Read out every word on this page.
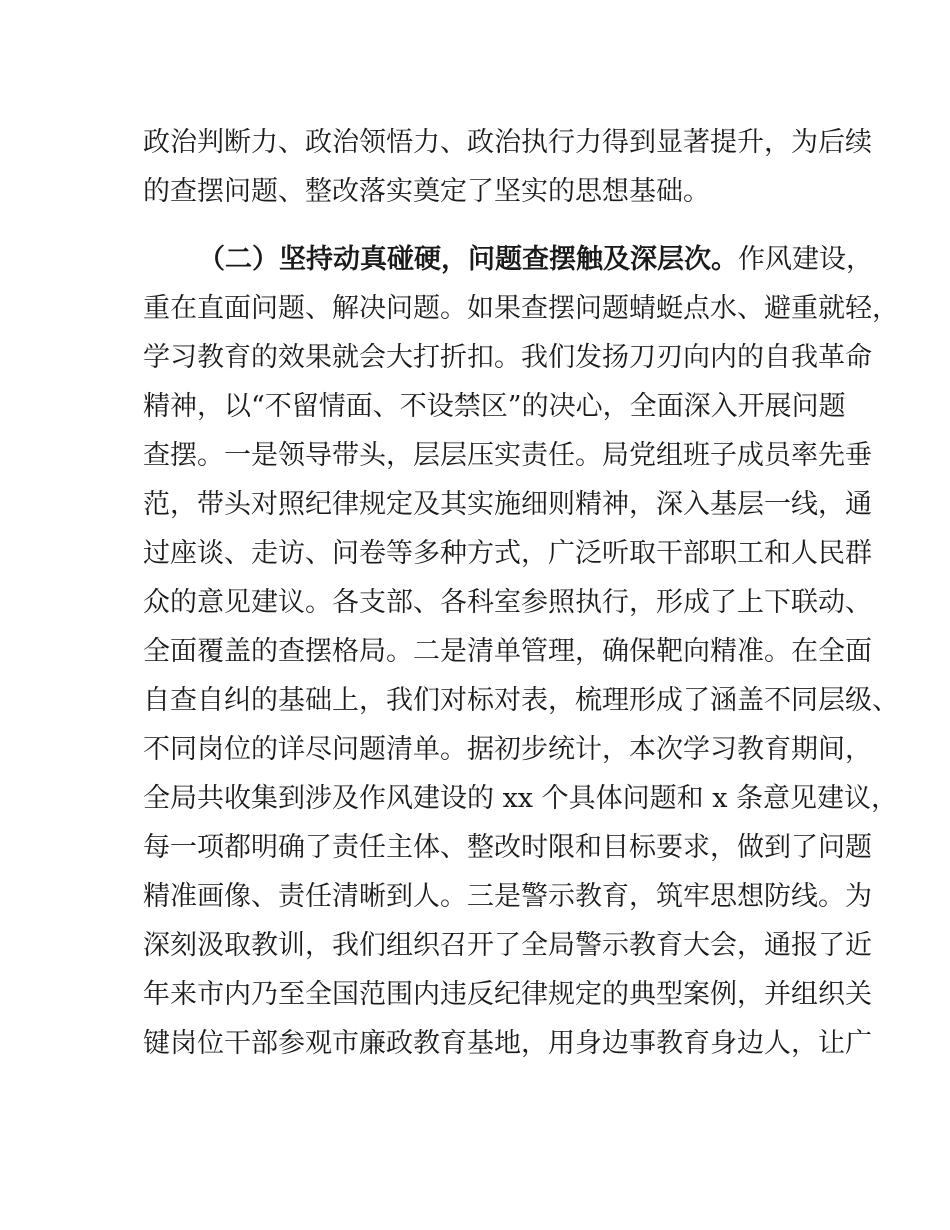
政治判断力、政治领悟力、政治执行力得到显著提升，为后续
的查摆问题、整改落实奠定了坚实的思想基础。
（二）坚持动真碰硬，问题查摆触及深层次。作风建设，
重在直面问题、解决问题。如果查摆问题蜻蜓点水、避重就轻，
学习教育的效果就会大打折扣。我们发扬刀刃向内的自我革命
精神，以“不留情面、不设禁区”的决心，全面深入开展问题
查摆。一是领导带头，层层压实责任。局党组班子成员率先垂
范，带头对照纪律规定及其实施细则精神，深入基层一线，通
过座谈、走访、问卷等多种方式，广泛听取干部职工和人民群
众的意见建议。各支部、各科室参照执行，形成了上下联动、
全面覆盖的查摆格局。二是清单管理，确保靶向精准。在全面
自查自纠的基础上，我们对标对表，梳理形成了涵盖不同层级、
不同岗位的详尽问题清单。据初步统计，本次学习教育期间，
全局共收集到涉及作风建设的 xx 个具体问题和 x 条意见建议，
每一项都明确了责任主体、整改时限和目标要求，做到了问题
精准画像、责任清晰到人。三是警示教育，筑牢思想防线。为
深刻汲取教训，我们组织召开了全局警示教育大会，通报了近
年来市内乃至全国范围内违反纪律规定的典型案例，并组织关
键岗位干部参观市廉政教育基地，用身边事教育身边人，让广
